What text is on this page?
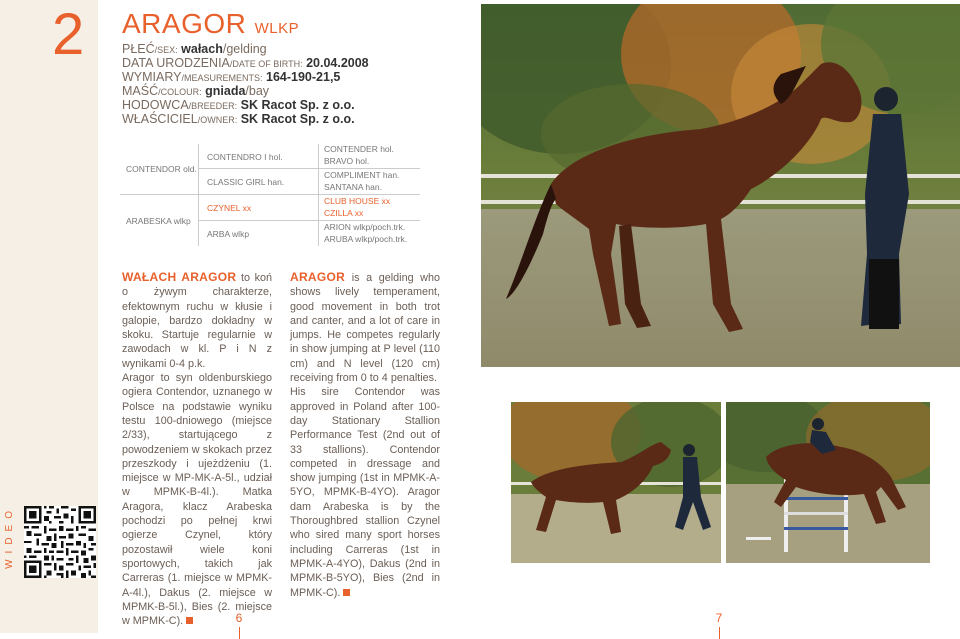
2 ARAGOR WLKP
PŁEĆ/SEX: wałach/gelding
DATA URODZENIA/DATE OF BIRTH: 20.04.2008
WYMIARY/MEASUREMENTS: 164-190-21,5
MAŚĆ/COLOUR: gniada/bay
HODOWCA/BREEDER: SK Racot Sp. z o.o.
WŁAŚCICIEL/OWNER: SK Racot Sp. z o.o.
CONTENDOR old.
ARABESKA wlkp
CONTENDRO I hol.
CLASSIC GIRL han.
CZYNEL xx
ARBA wlkp
CONTENDER hol.
BRAVO hol.
COMPLIMENT han.
SANTANA han.
CLUB HOUSE xx
CZILLA xx
ARION wlkp/poch.trk.
ARUBA wlkp/poch.trk.
WAŁACH ARAGOR to koń o żywym charakterze, efektownym ruchu w kłusie i galopie, bardzo dokładny w skoku. Startuje regularnie w zawodach w kl. P i N z wynikami 0-4 p.k.
Aragor to syn oldenburskiego ogiera Contendor, uznanego w Polsce na podstawie wyniku testu 100-dniowego (miejsce 2/33), startującego z powodzeniem w skokach przez przeszkody i ujeżdżeniu (1. miejsce w MP-MK-A-5l., udział w MPMK-B-4l.). Matka Aragora, klacz Arabeska pochodzi po pełnej krwi ogierze Czynel, który pozostawił wiele koni sportowych, takich jak Carreras (1. miejsce w MPMK-A-4l.), Dakus (2. miejsce w MPMK-B-5l.), Bies (2. miejsce w MPMK-C).
ARAGOR is a gelding who shows lively temperament, good movement in both trot and canter, and a lot of care in jumps. He competes regularly in show jumping at P level (110 cm) and N level (120 cm) receiving from 0 to 4 penalties.
His sire Contendor was approved in Poland after 100-day Stationary Stallion Performance Test (2nd out of 33 stallions). Contendor competed in dressage and show jumping (1st in MPMK-A-5YO, MPMK-B-4YO). Aragor dam Arabeska is by the Thoroughbred stallion Czynel who sired many sport horses including Carreras (1st in MPMK-A-4YO), Dakus (2nd in MPMK-B-5YO), Bies (2nd in MPMK-C).
WIDEO
6	7
